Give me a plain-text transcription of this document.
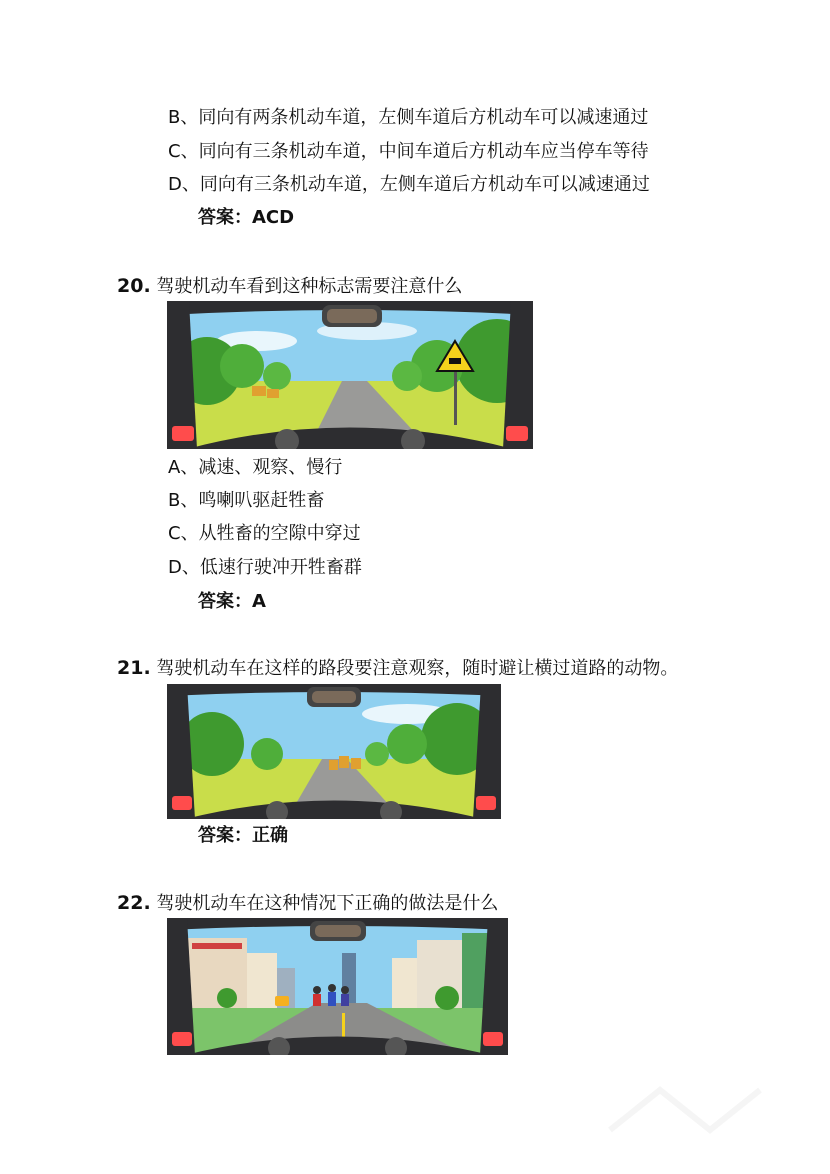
B、同向有两条机动车道，左侧车道后方机动车可以减速通过
C、同向有三条机动车道，中间车道后方机动车应当停车等待
D、同向有三条机动车道，左侧车道后方机动车可以减速通过
答案：ACD
20. 驾驶机动车看到这种标志需要注意什么
A、减速、观察、慢行
B、鸣喇叭驱赶牲畜
C、从牲畜的空隙中穿过
D、低速行驶冲开牲畜群
答案：A
21. 驾驶机动车在这样的路段要注意观察，随时避让横过道路的动物。
答案：正确
22. 驾驶机动车在这种情况下正确的做法是什么
